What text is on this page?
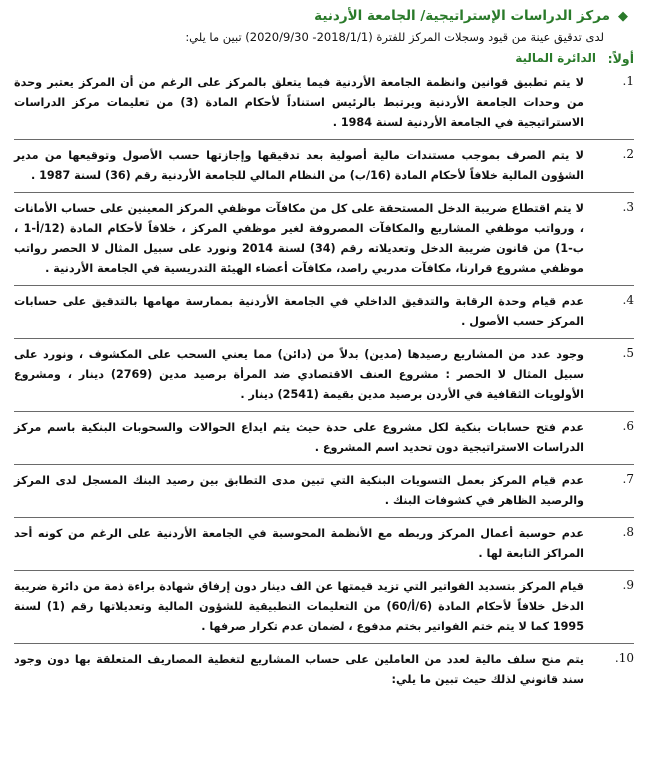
◆
مركز الدراسات الإستراتيجية/ الجامعة الأردنية
لدى تدقيق عينة من قيود وسجلات المركز للفترة (2018/1/1- 2020/9/30) تبين ما يلي:
أولاً:
الدائرة المالية
.1
لا يتم تطبيق قوانين وانظمة الجامعة الأردنية فيما يتعلق بالمركز على الرغم من أن المركز يعتبر وحدة من وحدات الجامعة الأردنية ويرتبط بالرئيس استناداً لأحكام المادة (3) من تعليمات مركز الدراسات الاستراتيجية في الجامعة الأردنية لسنة 1984 .
.2
لا يتم الصرف بموجب مستندات مالية أصولية بعد تدقيقها وإجازتها حسب الأصول وتوقيعها من مدير الشؤون المالية خلافاً لأحكام المادة (16/ب) من النظام المالي للجامعة الأردنية رقم (36) لسنة 1987 .
.3
لا يتم اقتطاع ضريبة الدخل المستحقة على كل من مكافآت موظفي المركز المعينين على حساب الأمانات ، ورواتب موظفي المشاريع والمكافآت المصروفة لغير موظفي المركز ، خلافاً لأحكام المادة (12/أ-1 ، ب-1) من قانون ضريبة الدخل وتعديلاته رقم (34) لسنة 2014 ونورد على سبيل المثال لا الحصر رواتب موظفي مشروع قرارنا، مكافآت مدربي راصد، مكافآت أعضاء الهيئة التدريسية في الجامعة الأردنية .
.4
عدم قيام وحدة الرقابة والتدقيق الداخلي في الجامعة الأردنية بممارسة مهامها بالتدقيق على حسابات المركز حسب الأصول .
.5
وجود عدد من المشاريع رصيدها (مدين) بدلاً من (دائن) مما يعني السحب على المكشوف ، ونورد على سبيل المثال لا الحصر : مشروع العنف الاقتصادي ضد المرأة برصيد مدين (2769) دينار ، ومشروع الأولويات الثقافية في الأردن برصيد مدين بقيمة (2541) دينار .
.6
عدم فتح حسابات بنكية لكل مشروع على حدة حيث يتم ايداع الحوالات والسحوبات البنكية باسم مركز الدراسات الاستراتيجية دون تحديد اسم المشروع .
.7
عدم قيام المركز بعمل التسويات البنكية التي تبين مدى التطابق بين رصيد البنك المسجل لدى المركز والرصيد الظاهر في كشوفات البنك .
.8
عدم حوسبة أعمال المركز وربطه مع الأنظمة المحوسبة في الجامعة الأردنية على الرغم من كونه أحد المراكز التابعة لها .
.9
قيام المركز بتسديد الفواتير التي تزيد قيمتها عن الف دينار دون إرفاق شهادة براءة ذمة من دائرة ضريبة الدخل خلافاً لأحكام المادة (6/أ/60) من التعليمات التطبيقية للشؤون المالية وتعديلاتها رقم (1) لسنة 1995 كما لا يتم ختم الفواتير بختم مدفوع ، لضمان عدم تكرار صرفها .
.10
يتم منح سلف مالية لعدد من العاملين على حساب المشاريع لتغطية المصاريف المتعلقة بها دون وجود سند قانوني لذلك حيث تبين ما يلي:
